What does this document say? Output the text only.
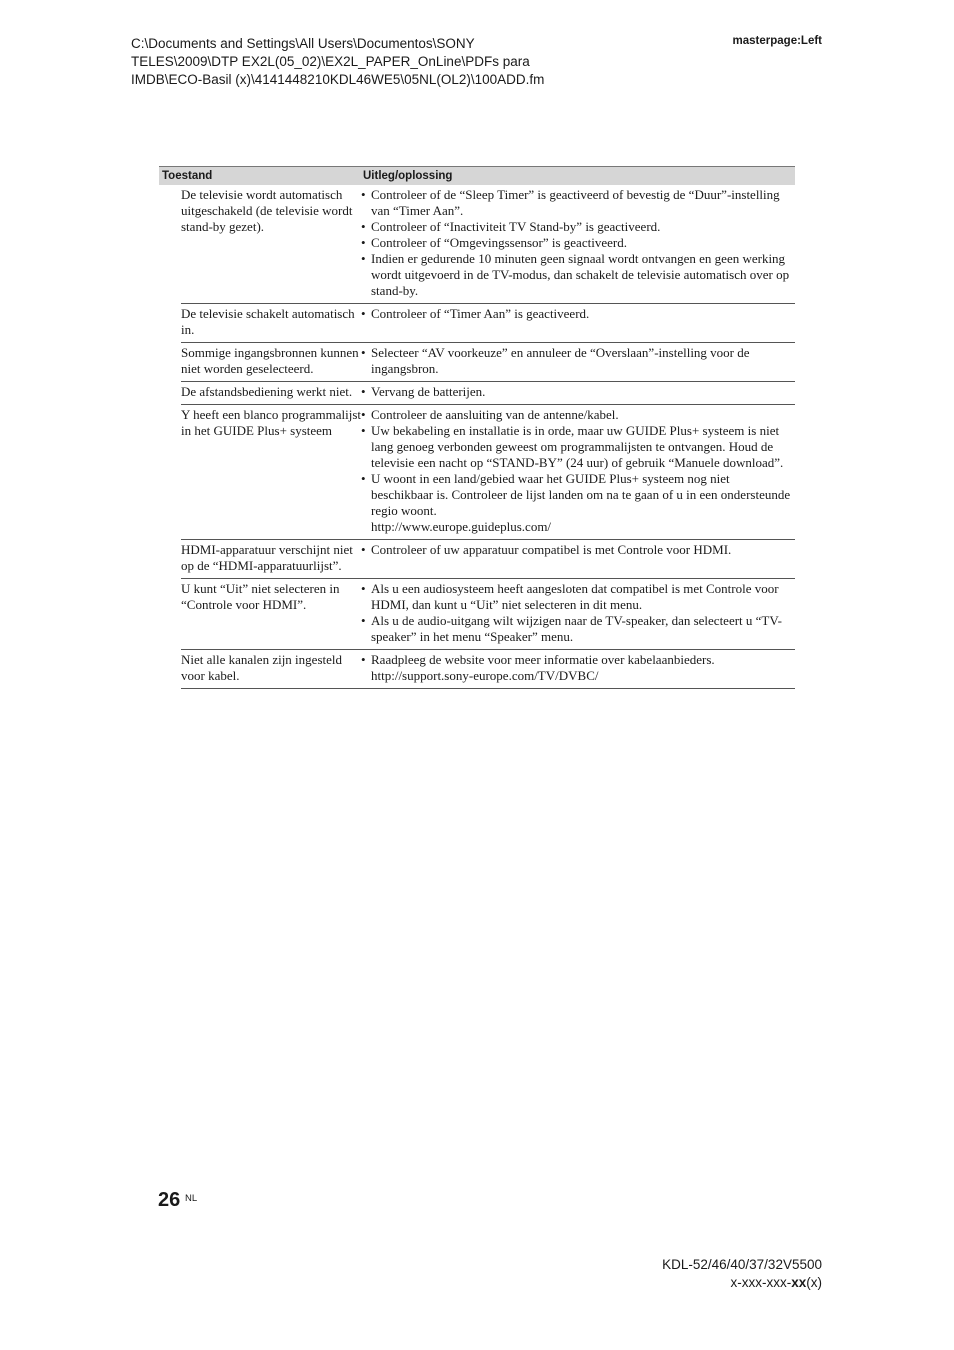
C:\Documents and Settings\All Users\Documentos\SONY
TELES\2009\DTP EX2L(05_02)\EX2L_PAPER_OnLine\PDFs para
IMDB\ECO-Basil (x)\4141448210KDL46WE5\05NL(OL2)\100ADD.fm
masterpage:Left
Toestand	Uitleg/oplossing
De televisie wordt automatisch uitgeschakeld (de televisie wordt stand-by gezet).
• Controleer of de “Sleep Timer” is geactiveerd of bevestig de “Duur”-instelling van “Timer Aan”.
• Controleer of “Inactiviteit TV Stand-by” is geactiveerd.
• Controleer of “Omgevingssensor” is geactiveerd.
• Indien er gedurende 10 minuten geen signaal wordt ontvangen en geen werking wordt uitgevoerd in de TV-modus, dan schakelt de televisie automatisch over op stand-by.
De televisie schakelt automatisch in.
• Controleer of “Timer Aan” is geactiveerd.
Sommige ingangsbronnen kunnen niet worden geselecteerd.
• Selecteer “AV voorkeuze” en annuleer de “Overslaan”-instelling voor de ingangsbron.
De afstandsbediening werkt niet. • Vervang de batterijen.
Y heeft een blanco programmalijst in het GUIDE Plus+ systeem
• Controleer de aansluiting van de antenne/kabel.
• Uw bekabeling en installatie is in orde, maar uw GUIDE Plus+ systeem is niet lang genoeg verbonden geweest om programmalijsten te ontvangen. Houd de televisie een nacht op “STAND-BY” (24 uur) of gebruik “Manuele download”.
• U woont in een land/gebied waar het GUIDE Plus+ systeem nog niet beschikbaar is. Controleer de lijst landen om na te gaan of u in een ondersteunde regio woont.
http://www.europe.guideplus.com/
HDMI-apparatuur verschijnt niet op de “HDMI-apparatuurlijst”.
• Controleer of uw apparatuur compatibel is met Controle voor HDMI.
U kunt “Uit” niet selecteren in “Controle voor HDMI”.
• Als u een audiosysteem heeft aangesloten dat compatibel is met Controle voor HDMI, dan kunt u “Uit” niet selecteren in dit menu.
• Als u de audio-uitgang wilt wijzigen naar de TV-speaker, dan selecteert u “TV-speaker” in het menu “Speaker” menu.
Niet alle kanalen zijn ingesteld voor kabel.
• Raadpleeg de website voor meer informatie over kabelaanbieders.
http://support.sony-europe.com/TV/DVBC/
26 NL
KDL-52/46/40/37/32V5500
x-xxx-xxx-xx(x)
